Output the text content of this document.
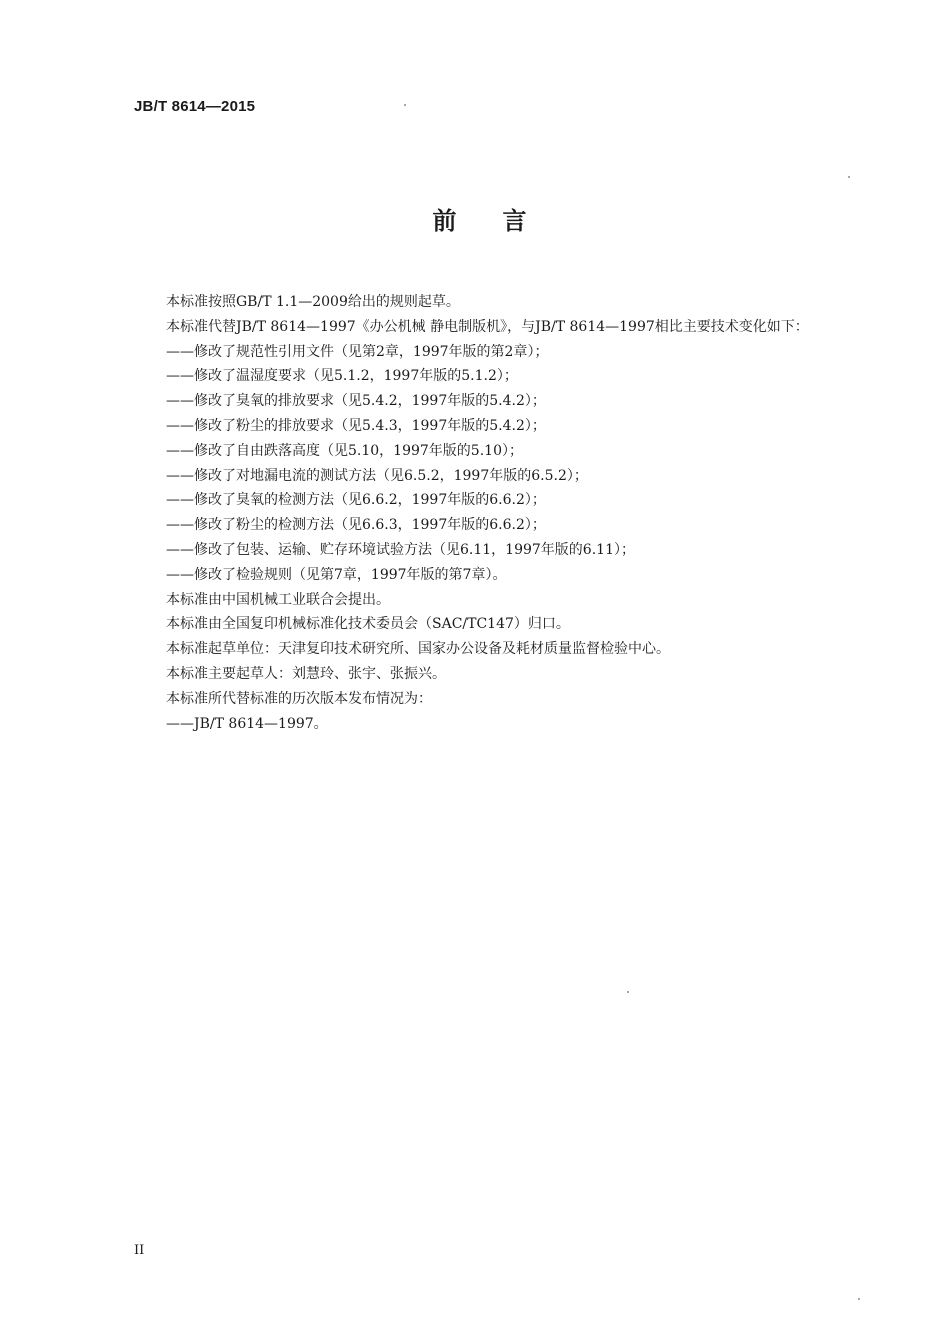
JB/T 8614—2015
前言
本标准按照GB/T 1.1—2009给出的规则起草。
本标准代替JB/T 8614—1997《办公机械 静电制版机》，与JB/T 8614—1997相比主要技术变化如下：
——修改了规范性引用文件（见第2章，1997年版的第2章）；
——修改了温湿度要求（见5.1.2，1997年版的5.1.2）；
——修改了臭氧的排放要求（见5.4.2，1997年版的5.4.2）；
——修改了粉尘的排放要求（见5.4.3，1997年版的5.4.2）；
——修改了自由跌落高度（见5.10，1997年版的5.10）；
——修改了对地漏电流的测试方法（见6.5.2，1997年版的6.5.2）；
——修改了臭氧的检测方法（见6.6.2，1997年版的6.6.2）；
——修改了粉尘的检测方法（见6.6.3，1997年版的6.6.2）；
——修改了包装、运输、贮存环境试验方法（见6.11，1997年版的6.11）；
——修改了检验规则（见第7章，1997年版的第7章）。
本标准由中国机械工业联合会提出。
本标准由全国复印机械标准化技术委员会（SAC/TC147）归口。
本标准起草单位：天津复印技术研究所、国家办公设备及耗材质量监督检验中心。
本标准主要起草人：刘慧玲、张宇、张振兴。
本标准所代替标准的历次版本发布情况为：
——JB/T 8614—1997。
II
